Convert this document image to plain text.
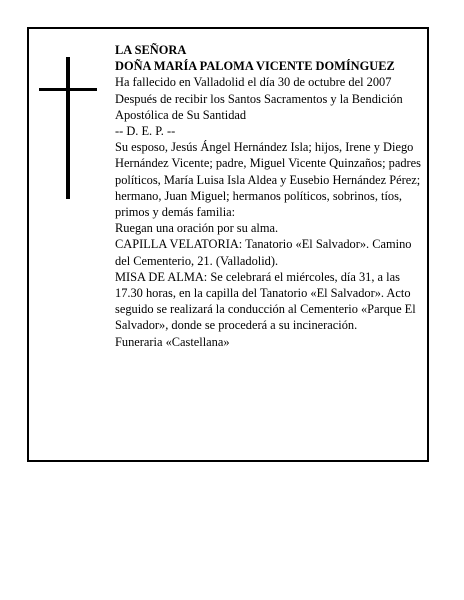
LA SEÑORA

DOÑA MARÍA PALOMA VICENTE DOMÍNGUEZ

Ha fallecido en Valladolid el día 30 de octubre del 2007

Después de recibir los Santos Sacramentos y la Bendición Apostólica de Su Santidad

-- D. E. P. --

Su esposo, Jesús Ángel Hernández Isla; hijos, Irene y Diego Hernández Vicente; padre, Miguel Vicente Quinzaños; padres políticos, María Luisa Isla Aldea y Eusebio Hernández Pérez; hermano, Juan Miguel; hermanos políticos, sobrinos, tíos, primos y demás familia:

Ruegan una oración por su alma.

CAPILLA VELATORIA: Tanatorio «El Salvador». Camino del Cementerio, 21. (Valladolid).

MISA DE ALMA: Se celebrará el miércoles, día 31, a las 17.30 horas, en la capilla del Tanatorio «El Salvador». Acto seguido se realizará la conducción al Cementerio «Parque El Salvador», donde se procederá a su incineración.

Funeraria «Castellana»
